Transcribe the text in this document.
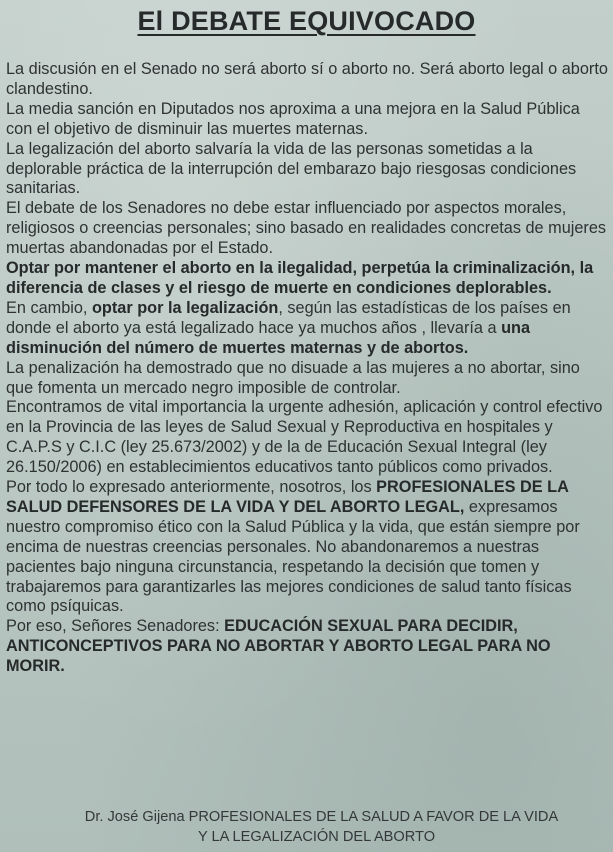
El DEBATE EQUIVOCADO
La discusión en el Senado no será aborto sí o aborto no. Será aborto legal o aborto clandestino.
La media sanción en Diputados nos aproxima a una mejora en la Salud Pública con el objetivo de disminuir las muertes maternas.
La legalización del aborto salvaría la vida de las personas sometidas a la deplorable práctica de la interrupción del embarazo bajo riesgosas condiciones sanitarias.
El debate de los Senadores no debe estar influenciado por aspectos morales, religiosos o creencias personales; sino basado en realidades concretas de mujeres muertas abandonadas por el Estado.
Optar por mantener el aborto en la ilegalidad, perpetúa la criminalización, la diferencia de clases y el riesgo de muerte en condiciones deplorables.
En cambio, optar por la legalización, según las estadísticas de los países en donde el aborto ya está legalizado hace ya muchos años , llevaría a una disminución del número de muertes maternas y de abortos.
La penalización ha demostrado que no disuade a las mujeres a no abortar, sino que fomenta un mercado negro imposible de controlar.
Encontramos de vital importancia la urgente adhesión, aplicación y control efectivo en la Provincia de las leyes de Salud Sexual y Reproductiva en hospitales y C.A.P.S y C.I.C (ley 25.673/2002) y de la de Educación Sexual Integral (ley 26.150/2006) en establecimientos educativos tanto públicos como privados.
Por todo lo expresado anteriormente, nosotros, los PROFESIONALES DE LA SALUD DEFENSORES DE LA VIDA Y DEL ABORTO LEGAL, expresamos nuestro compromiso ético con la Salud Pública y la vida, que están siempre por encima de nuestras creencias personales. No abandonaremos a nuestras pacientes bajo ninguna circunstancia, respetando la decisión que tomen y trabajaremos para garantizarles las mejores condiciones de salud tanto físicas como psíquicas.
Por eso, Señores Senadores: EDUCACIÓN SEXUAL PARA DECIDIR, ANTICONCEPTIVOS PARA NO ABORTAR Y ABORTO LEGAL PARA NO MORIR.
Dr. José Gijena PROFESIONALES DE LA SALUD A FAVOR DE LA VIDA
Y LA LEGALIZACIÓN DEL ABORTO
